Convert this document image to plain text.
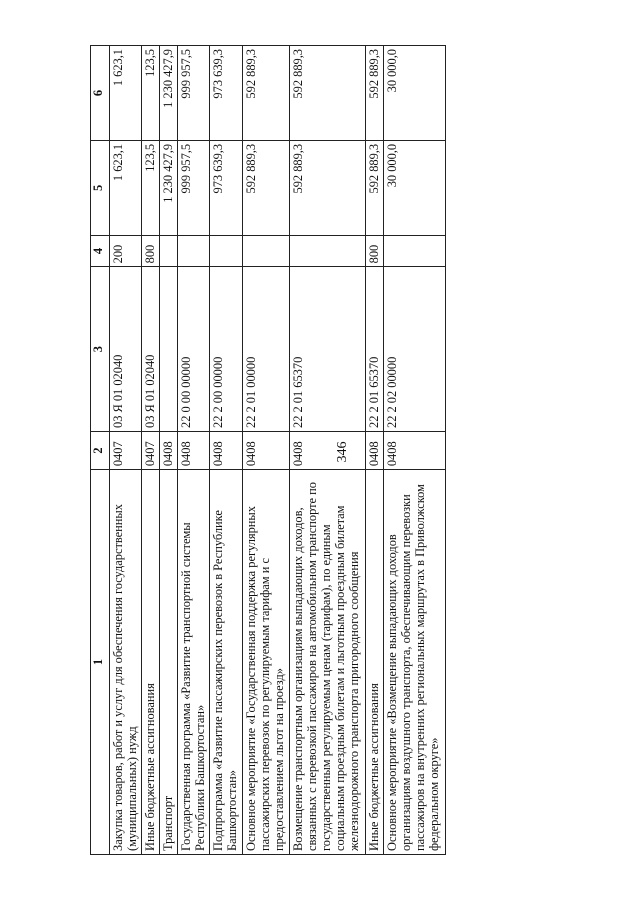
346
1	2	3	4	5	6
Закупка товаров, работ и услуг для обеспечения государственных (муниципальных) нужд	0407	03 Я 01 02040	200	1 623,1	1 623,1
Иные бюджетные ассигнования	0407	03 Я 01 02040	800	123,5	123,5
Транспорт	0408			1 230 427,9	1 230 427,9
Государственная программа «Развитие транспортной системы Республики Башкортостан»	0408	22 0 00 00000		999 957,5	999 957,5
Подпрограмма «Развитие пассажирских перевозок в Республике Башкортостан»	0408	22 2 00 00000		973 639,3	973 639,3
Основное мероприятие «Государственная поддержка регулярных пассажирских перевозок по регулируемым тарифам и с предоставлением льгот на проезд»	0408	22 2 01 00000		592 889,3	592 889,3
Возмещение транспортным организациям выпадающих доходов, связанных с перевозкой пассажиров на автомобильном транспорте по государственным регулируемым ценам (тарифам), по единым социальным проездным билетам и льготным проездным билетам железнодорожного транспорта пригородного сообщения	0408	22 2 01 65370		592 889,3	592 889,3
Иные бюджетные ассигнования	0408	22 2 01 65370	800	592 889,3	592 889,3
Основное мероприятие «Возмещение выпадающих доходов организациям воздушного транспорта, обеспечивающим перевозки пассажиров на внутренних региональных маршрутах в Приволжском федеральном округе»	0408	22 2 02 00000		30 000,0	30 000,0
